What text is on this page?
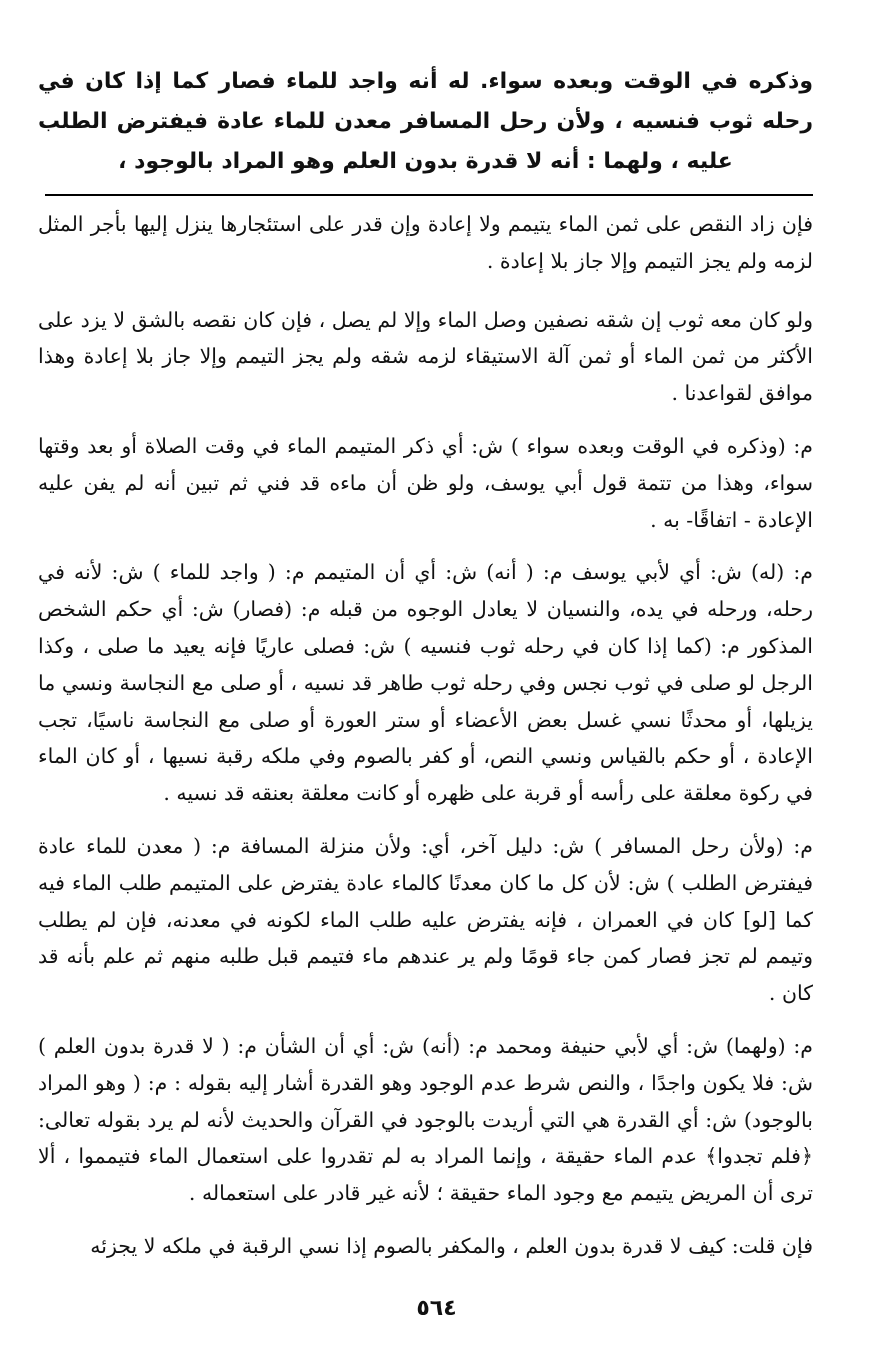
وذكره في الوقت وبعده سواء. له أنه واجد للماء فصار كما إذا كان في رحله ثوب فنسيه ، ولأن رحل المسافر معدن للماء عادة فيفترض الطلب عليه ، ولهما : أنه لا قدرة بدون العلم وهو المراد بالوجود ،

فإن زاد النقص على ثمن الماء يتيمم ولا إعادة وإن قدر على استئجارها ينزل إليها بأجر المثل لزمه ولم يجز التيمم وإلا جاز بلا إعادة .

ولو كان معه ثوب إن شقه نصفين وصل الماء وإلا لم يصل ، فإن كان نقصه بالشق لا يزد على الأكثر من ثمن الماء أو ثمن آلة الاستيقاء لزمه شقه ولم يجز التيمم وإلا جاز بلا إعادة وهذا موافق لقواعدنا .

م: (وذكره في الوقت وبعده سواء ) ش: أي ذكر المتيمم الماء في وقت الصلاة أو بعد وقتها سواء، وهذا من تتمة قول أبي يوسف، ولو ظن أن ماءه قد فني ثم تبين أنه لم يفن عليه الإعادة - اتفاقًا- به .

م: (له) ش: أي لأبي يوسف م: ( أنه) ش: أي أن المتيمم م: ( واجد للماء ) ش: لأنه في رحله، ورحله في يده، والنسيان لا يعادل الوجوه من قبله م: (فصار) ش: أي حكم الشخص المذكور م: (كما إذا كان في رحله ثوب فنسيه ) ش: فصلى عاريًا فإنه يعيد ما صلى ، وكذا الرجل لو صلى في ثوب نجس وفي رحله ثوب طاهر قد نسيه ، أو صلى مع النجاسة ونسي ما يزيلها، أو محدثًا نسي غسل بعض الأعضاء أو ستر العورة أو صلى مع النجاسة ناسيًا، تجب الإعادة ، أو حكم بالقياس ونسي النص، أو كفر بالصوم وفي ملكه رقبة نسيها ، أو كان الماء في ركوة معلقة على رأسه أو قربة على ظهره أو كانت معلقة بعنقه قد نسيه .

م: (ولأن رحل المسافر ) ش: دليل آخر، أي: ولأن منزلة المسافة م: ( معدن للماء عادة فيفترض الطلب ) ش: لأن كل ما كان معدنًا كالماء عادة يفترض على المتيمم طلب الماء فيه كما [لو] كان في العمران ، فإنه يفترض عليه طلب الماء لكونه في معدنه، فإن لم يطلب وتيمم لم تجز فصار كمن جاء قومًا ولم ير عندهم ماء فتيمم قبل طلبه منهم ثم علم بأنه قد كان .

م: (ولهما) ش: أي لأبي حنيفة ومحمد م: (أنه) ش: أي أن الشأن م: ( لا قدرة بدون العلم ) ش: فلا يكون واجدًا ، والنص شرط عدم الوجود وهو القدرة أشار إليه بقوله : م: ( وهو المراد بالوجود) ش: أي القدرة هي التي أريدت بالوجود في القرآن والحديث لأنه لم يرد بقوله تعالى: ﴿فلم تجدوا﴾ عدم الماء حقيقة ، وإنما المراد به لم تقدروا على استعمال الماء فتيمموا ، ألا ترى أن المريض يتيمم مع وجود الماء حقيقة ؛ لأنه غير قادر على استعماله .

فإن قلت: كيف لا قدرة بدون العلم ، والمكفر بالصوم إذا نسي الرقبة في ملكه لا يجزئه

٥٦٤
